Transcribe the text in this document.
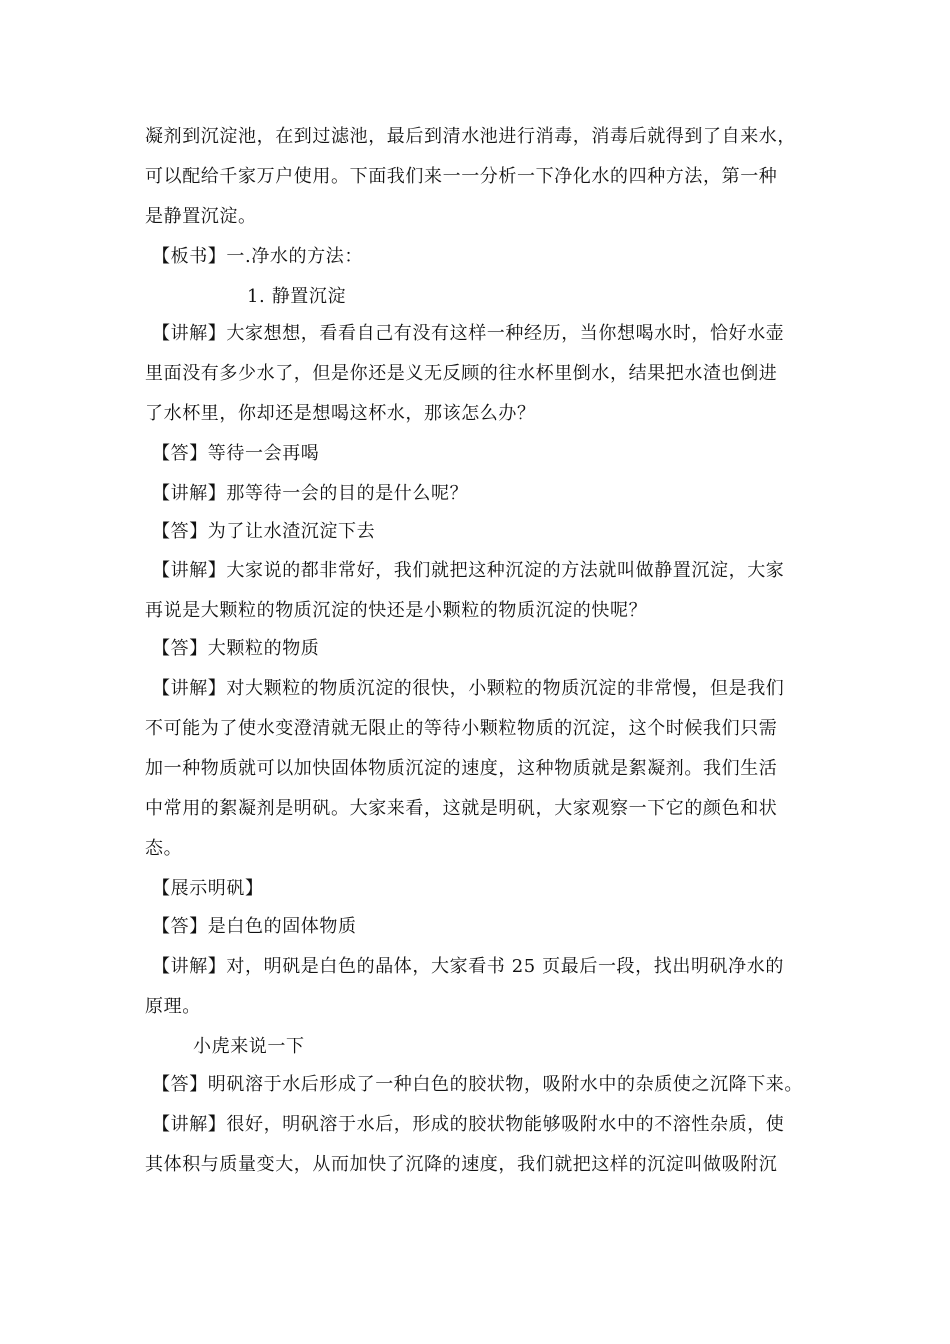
凝剂到沉淀池，在到过滤池，最后到清水池进行消毒，消毒后就得到了自来水，
可以配给千家万户使用。下面我们来一一分析一下净化水的四种方法，第一种
是静置沉淀。
【板书】一.净水的方法：
1. 静置沉淀
【讲解】大家想想，看看自己有没有这样一种经历，当你想喝水时，恰好水壶
里面没有多少水了，但是你还是义无反顾的往水杯里倒水，结果把水渣也倒进
了水杯里，你却还是想喝这杯水，那该怎么办？
【答】等待一会再喝
【讲解】那等待一会的目的是什么呢？
【答】为了让水渣沉淀下去
【讲解】大家说的都非常好，我们就把这种沉淀的方法就叫做静置沉淀，大家
再说是大颗粒的物质沉淀的快还是小颗粒的物质沉淀的快呢？
【答】大颗粒的物质
【讲解】对大颗粒的物质沉淀的很快，小颗粒的物质沉淀的非常慢，但是我们
不可能为了使水变澄清就无限止的等待小颗粒物质的沉淀，这个时候我们只需
加一种物质就可以加快固体物质沉淀的速度，这种物质就是絮凝剂。我们生活
中常用的絮凝剂是明矾。大家来看，这就是明矾，大家观察一下它的颜色和状
态。
【展示明矾】
【答】是白色的固体物质
【讲解】对，明矾是白色的晶体，大家看书 25 页最后一段，找出明矾净水的
原理。
小虎来说一下
【答】明矾溶于水后形成了一种白色的胶状物，吸附水中的杂质使之沉降下来。
【讲解】很好，明矾溶于水后，形成的胶状物能够吸附水中的不溶性杂质，使
其体积与质量变大，从而加快了沉降的速度，我们就把这样的沉淀叫做吸附沉
